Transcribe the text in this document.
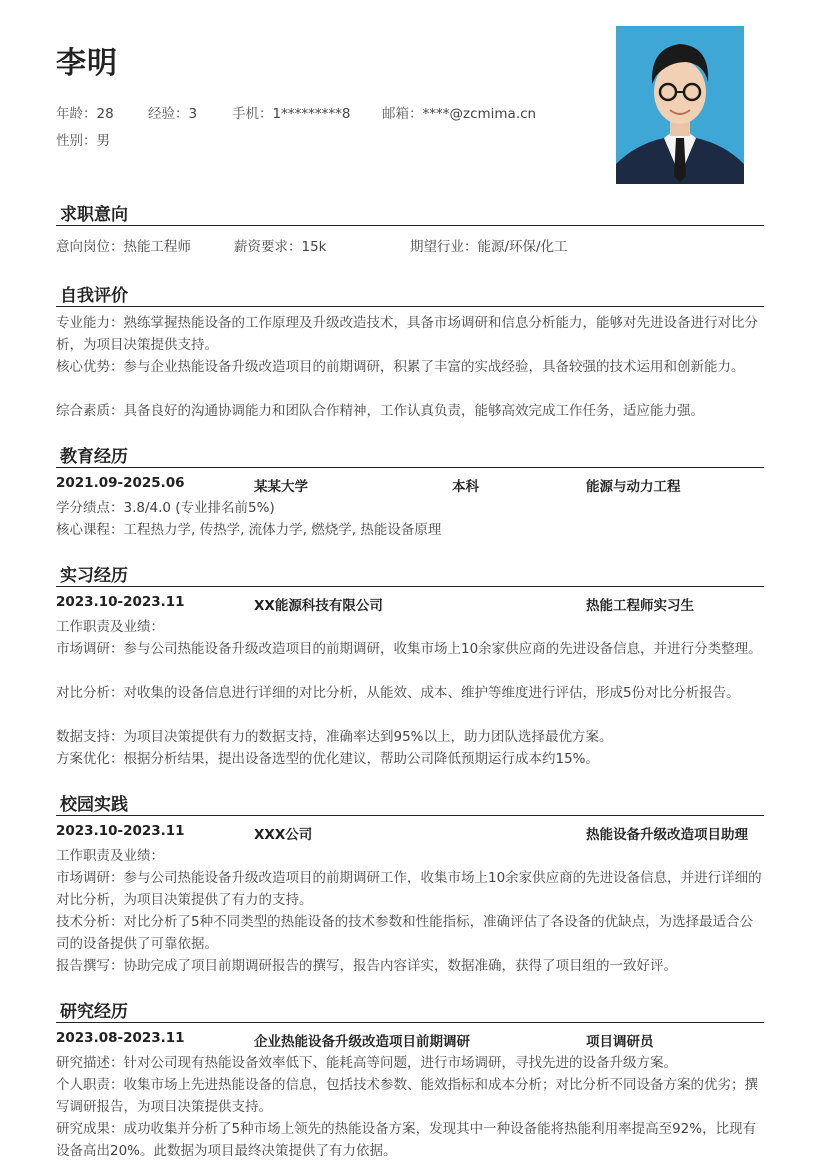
李明
年龄：28	经验：3	手机：1*********8 邮箱：****@zcmima.cn
性别：男
求职意向
意向岗位：热能工程师	薪资要求：15k	期望行业：能源/环保/化工
自我评价
专业能力：熟练掌握热能设备的工作原理及升级改造技术，具备市场调研和信息分析能力，能够对先进设备进行对比分析，为项目决策提供支持。
核心优势：参与企业热能设备升级改造项目的前期调研，积累了丰富的实战经验，具备较强的技术运用和创新能力。
综合素质：具备良好的沟通协调能力和团队合作精神，工作认真负责，能够高效完成工作任务，适应能力强。
教育经历
2021.09-2025.06	某某大学	本科	能源与动力工程
学分绩点：3.8/4.0 (专业排名前5%)
核心课程：工程热力学, 传热学, 流体力学, 燃烧学, 热能设备原理
实习经历
2023.10-2023.11	XX能源科技有限公司	热能工程师实习生
工作职责及业绩：
市场调研：参与公司热能设备升级改造项目的前期调研，收集市场上10余家供应商的先进设备信息，并进行分类整理。
对比分析：对收集的设备信息进行详细的对比分析，从能效、成本、维护等维度进行评估，形成5份对比分析报告。
数据支持：为项目决策提供有力的数据支持，准确率达到95%以上，助力团队选择最优方案。
方案优化：根据分析结果，提出设备选型的优化建议，帮助公司降低预期运行成本约15%。
校园实践
2023.10-2023.11	XXX公司	热能设备升级改造项目助理
工作职责及业绩：
市场调研：参与公司热能设备升级改造项目的前期调研工作，收集市场上10余家供应商的先进设备信息，并进行详细的对比分析，为项目决策提供了有力的支持。
技术分析：对比分析了5种不同类型的热能设备的技术参数和性能指标，准确评估了各设备的优缺点，为选择最适合公司的设备提供了可靠依据。
报告撰写：协助完成了项目前期调研报告的撰写，报告内容详实，数据准确，获得了项目组的一致好评。
研究经历
2023.08-2023.11	企业热能设备升级改造项目前期调研	项目调研员
研究描述：针对公司现有热能设备效率低下、能耗高等问题，进行市场调研，寻找先进的设备升级方案。
个人职责：收集市场上先进热能设备的信息，包括技术参数、能效指标和成本分析；对比分析不同设备方案的优劣；撰写调研报告，为项目决策提供支持。
研究成果：成功收集并分析了5种市场上领先的热能设备方案，发现其中一种设备能将热能利用率提高至92%，比现有设备高出20%。此数据为项目最终决策提供了有力依据。
